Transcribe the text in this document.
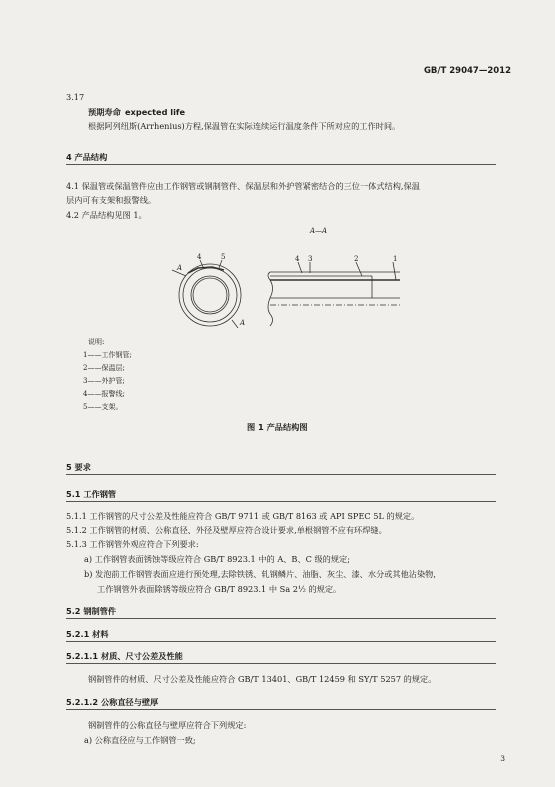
GB/T 29047—2012
3.17
预期寿命 expected life
根据阿列纽斯(Arrhenius)方程,保温管在实际连续运行温度条件下所对应的工作时间。
4 产品结构
4.1 保温管或保温管件应由工作钢管或钢制管件、保温层和外护管紧密结合的三位一体式结构,保温
层内可有支架和报警线。
4.2 产品结构见图 1。
A—A
A
A
4	5	4 3	2	1
说明:
1——工作钢管;
2——保温层;
3——外护管;
4——报警线;
5——支架。
图 1 产品结构图
5 要求
5.1 工作钢管
5.1.1 工作钢管的尺寸公差及性能应符合 GB/T 9711 或 GB/T 8163 或 API SPEC 5L 的规定。
5.1.2 工作钢管的材质、公称直径、外径及壁厚应符合设计要求,单根钢管不应有环焊缝。
5.1.3 工作钢管外观应符合下列要求:
a) 工作钢管表面锈蚀等级应符合 GB/T 8923.1 中的 A、B、C 级的规定;
b) 发泡前工作钢管表面应进行预处理,去除铁锈、轧钢鳞片、油脂、灰尘、漆、水分或其他沾染物,
工作钢管外表面除锈等级应符合 GB/T 8923.1 中 Sa 2½ 的规定。
5.2 钢制管件
5.2.1 材料
5.2.1.1 材质、尺寸公差及性能
钢制管件的材质、尺寸公差及性能应符合 GB/T 13401、GB/T 12459 和 SY/T 5257 的规定。
5.2.1.2 公称直径与壁厚
钢制管件的公称直径与壁厚应符合下列规定:
a) 公称直径应与工作钢管一致;
3
